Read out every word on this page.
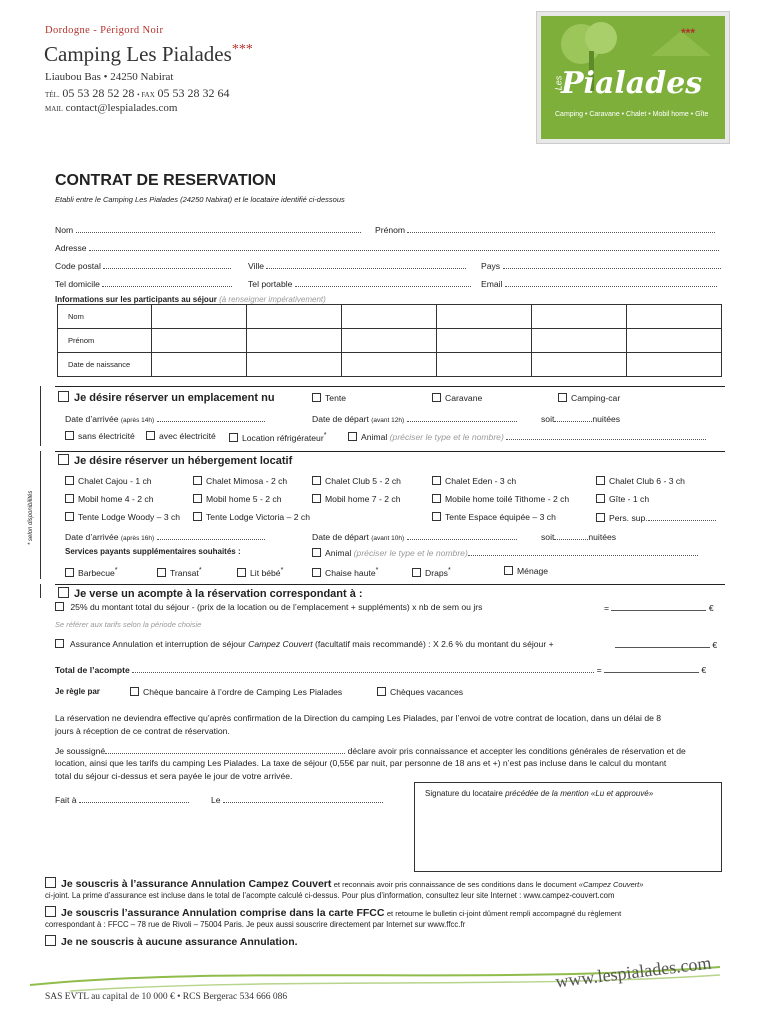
Dordogne - Périgord Noir
Camping Les Pialades***
Liaubou Bas • 24250 Nabirat
TÉL. 05 53 28 52 28 • FAX 05 53 28 32 64
MAIL contact@lespialades.com
Les
Pialades
***
Camping • Caravane • Chalet • Mobil home • Gîte
CONTRAT DE RESERVATION
Etabli entre le Camping Les Pialades (24250 Nabirat) et le locataire identifié ci-dessous
Nom	Prénom
Adresse
Code postal	Ville	Pays
Tel domicile	Tel portable	Email
Informations sur les participants au séjour (à renseigner impérativement)
Nom						
Prénom						
Date de naissance						
Je désire réserver un emplacement nu	Tente	Caravane	Camping-car
Date d’arrivée (après 14h)	Date de départ (avant 12h)	soit	nuitées
sans électricité	avec électricité	Location réfrigérateur*	Animal (préciser le type et le nombre)
* selon disponibilités
Je désire réserver un hébergement locatif
Chalet Cajou - 1 ch	Chalet Mimosa - 2 ch	Chalet Club 5 - 2 ch	Chalet Eden - 3 ch	Chalet Club 6 - 3 ch
Mobil home 4 - 2 ch	Mobil home 5 - 2 ch	Mobil home 7 - 2 ch	Mobile home toilé Tithome - 2 ch	Gîte - 1 ch
Tente Lodge Woody – 3 ch	Tente Lodge Victoria – 2 ch	Tente Espace équipée – 3 ch	Pers. sup.
Date d’arrivée (après 16h)	Date de départ (avant 10h)	soit	nuitées
Services payants supplémentaires souhaités :	Animal (préciser le type et le nombre)
Barbecue*	Transat*	Lit bébé*	Chaise haute*	Draps*	Ménage
Je verse un acompte à la réservation correspondant à :
25% du montant total du séjour - (prix de la location ou de l’emplacement + suppléments) x nb de sem ou jrs	=	€
Se référer aux tarifs selon la période choisie
Assurance Annulation et interruption de séjour Campez Couvert (facultatif mais recommandé) : X 2.6 % du montant du séjour +	€
Total de l’acompte	=	€
Je règle par	Chèque bancaire à l’ordre de Camping Les Pialades	Chèques vacances
La réservation ne deviendra effective qu’après confirmation de la Direction du camping Les Pialades, par l’envoi de votre contrat de location, dans un délai de 8
jours à réception de ce contrat de réservation.
Je soussigné	déclare avoir pris connaissance et accepter les conditions générales de réservation et de
location, ainsi que les tarifs du camping Les Pialades. La taxe de séjour (0,55€ par nuit, par personne de 18 ans et +) n’est pas incluse dans le calcul du montant
total du séjour ci-dessus et sera payée le jour de votre arrivée.
Fait à	Le
Signature du locataire précédée de la mention «Lu et approuvé»
Je souscris à l’assurance Annulation Campez Couvert et reconnais avoir pris connaissance de ses conditions dans le document «Campez Couvert»
ci-joint. La prime d’assurance est incluse dans le total de l’acompte calculé ci-dessus. Pour plus d’information, consultez leur site Internet : www.campez-couvert.com
Je souscris l’assurance Annulation comprise dans la carte FFCC et retourne le bulletin ci-joint dûment rempli accompagné du règlement
correspondant à : FFCC – 78 rue de Rivoli – 75004 Paris. Je peux aussi souscrire directement par Internet sur www.ffcc.fr
Je ne souscris à aucune assurance Annulation.
www.lespialades.com
SAS EVTL au capital de 10 000 € • RCS Bergerac 534 666 086
